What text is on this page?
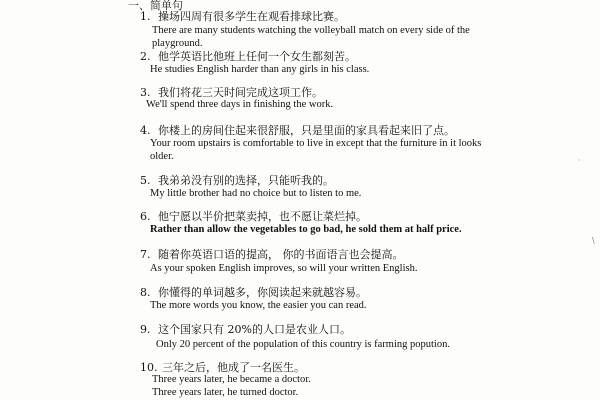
一、简单句
1. 操场四周有很多学生在观看排球比赛。
There are many students watching the volleyball match on every side of the
playground.
2. 他学英语比他班上任何一个女生都刻苦。
He studies English harder than any girls in his class.
3. 我们将花三天时间完成这项工作。
We'll spend three days in finishing the work.
4. 你楼上的房间住起来很舒服，只是里面的家具看起来旧了点。
Your room upstairs is comfortable to live in except that the furniture in it looks
older.
5. 我弟弟没有别的选择，只能听我的。
My little brother had no choice but to listen to me.
6. 他宁愿以半价把菜卖掉，也不愿让菜烂掉。
Rather than allow the vegetables to go bad, he sold them at half price.
7. 随着你英语口语的提高， 你的书面语言也会提高。
As your spoken English improves, so will your written English.
8. 你懂得的单词越多，你阅读起来就越容易。
The more words you know, the easier you can read.
9. 这个国家只有 20%的人口是农业人口。
Only 20 percent of the population of this country is farming popution.
10. 三年之后，他成了一名医生。
Three years later, he became a doctor.
Three years later, he turned doctor.
\
·
